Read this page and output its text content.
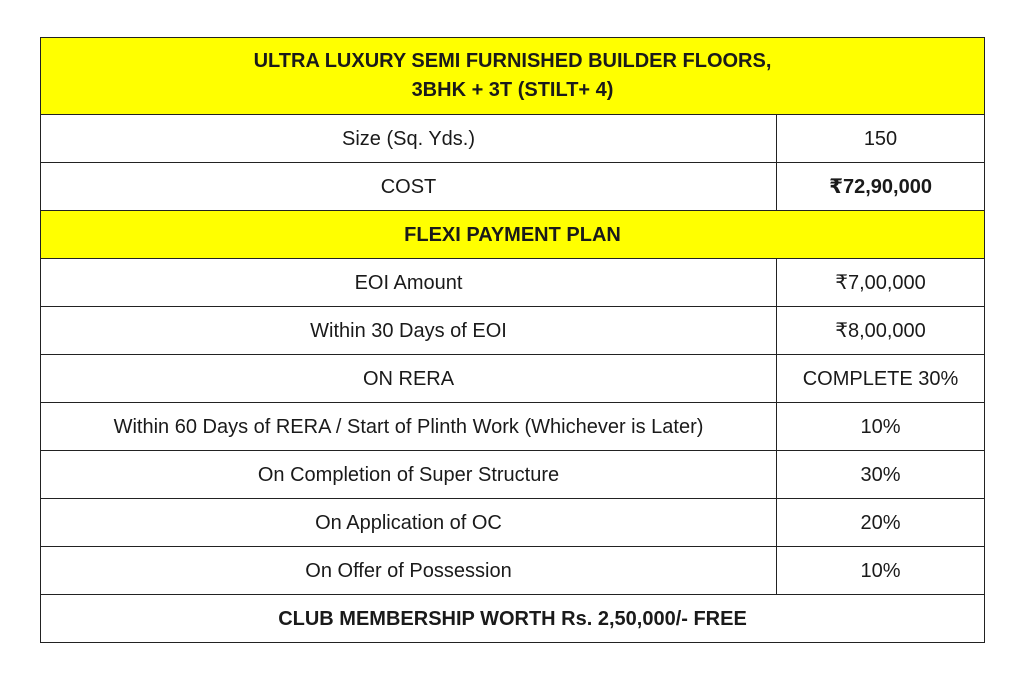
ULTRA LUXURY SEMI FURNISHED BUILDER FLOORS,
3BHK + 3T (STILT+ 4)	

Size (Sq. Yds.)	150
COST	₹72,90,000
FLEXI PAYMENT PLAN	
EOI Amount	₹7,00,000
Within 30 Days of EOI	₹8,00,000
ON RERA	COMPLETE 30%
Within 60 Days of RERA / Start of Plinth Work (Whichever is Later)	10%
On Completion of Super Structure	30%
On Application of OC	20%
On Offer of Possession	10%
CLUB MEMBERSHIP WORTH Rs. 2,50,000/- FREE	
